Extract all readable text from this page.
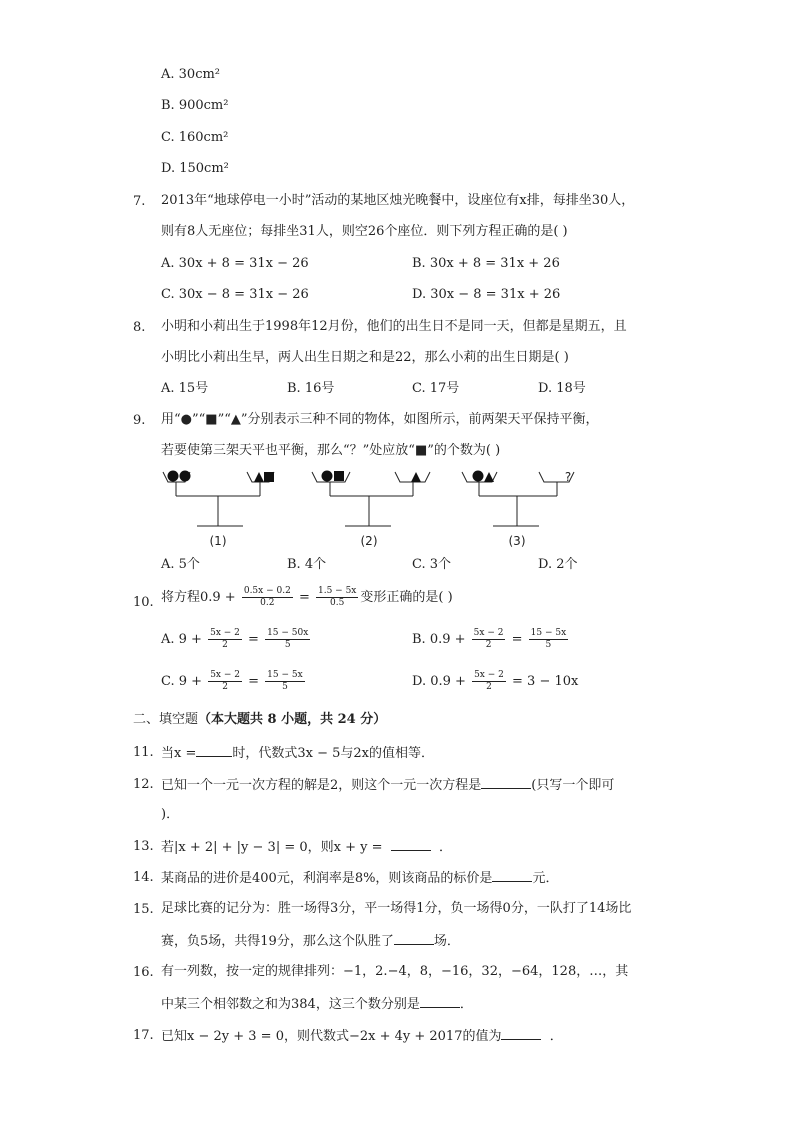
A. 30cm²
B. 900cm²
C. 160cm²
D. 150cm²
7. 2013年“地球停电一小时”活动的某地区烛光晚餐中，设座位有x排，每排坐30人，
则有8人无座位；每排坐31人，则空26个座位．则下列方程正确的是( )
A. 30x + 8 = 31x − 26	B. 30x + 8 = 31x + 26
C. 30x − 8 = 31x − 26	D. 30x − 8 = 31x + 26
8. 小明和小莉出生于1998年12月份，他们的出生日不是同一天，但都是星期五，且
小明比小莉出生早，两人出生日期之和是22，那么小莉的出生日期是( )
A. 15号	B. 16号	C. 17号	D. 18号
9. 用“●”“■”“▲”分别表示三种不同的物体，如图所示，前两架天平保持平衡，
若要使第三架天平也平衡，那么“？”处应放“■”的个数为( )
?
(1)	(2)	(3)
A. 5个	B. 4个	C. 3个	D. 2个
10. 将方程$0.9 + \frac{0.5x - 0.2}{0.2} = \frac{1.5 - 5x}{0.5}$ 变形正确的是( )
A. $9 + \frac{5x - 2}{2} = \frac{15 - 50x}{5}$	B. $0.9 + \frac{5x - 2}{2} = \frac{15 - 5x}{5}$
C. $9 + \frac{5x - 2}{2} = \frac{15 - 5x}{5}$	D. $0.9 + \frac{5x - 2}{2} = 3 - 10x$
二、填空题（本大题共 8 小题，共 24 分）
11. 当x =	时，代数式3x − 5与2x的值相等．
12. 已知一个一元一次方程的解是2，则这个一元一次方程是	(只写一个即可
)．
13. 若|x + 2| + |y − 3| = 0，则x + y =	．
14. 某商品的进价是400元，利润率是8%，则该商品的标价是	元．
15. 足球比赛的记分为：胜一场得3分，平一场得1分，负一场得0分，一队打了14场比
赛，负5场，共得19分，那么这个队胜了	场．
16. 有一列数，按一定的规律排列：−1，2.−4，8，−16，32，−64，128，…，其
中某三个相邻数之和为384，这三个数分别是	．
17. 已知x − 2y + 3 = 0，则代数式−2x + 4y + 2017的值为	．
